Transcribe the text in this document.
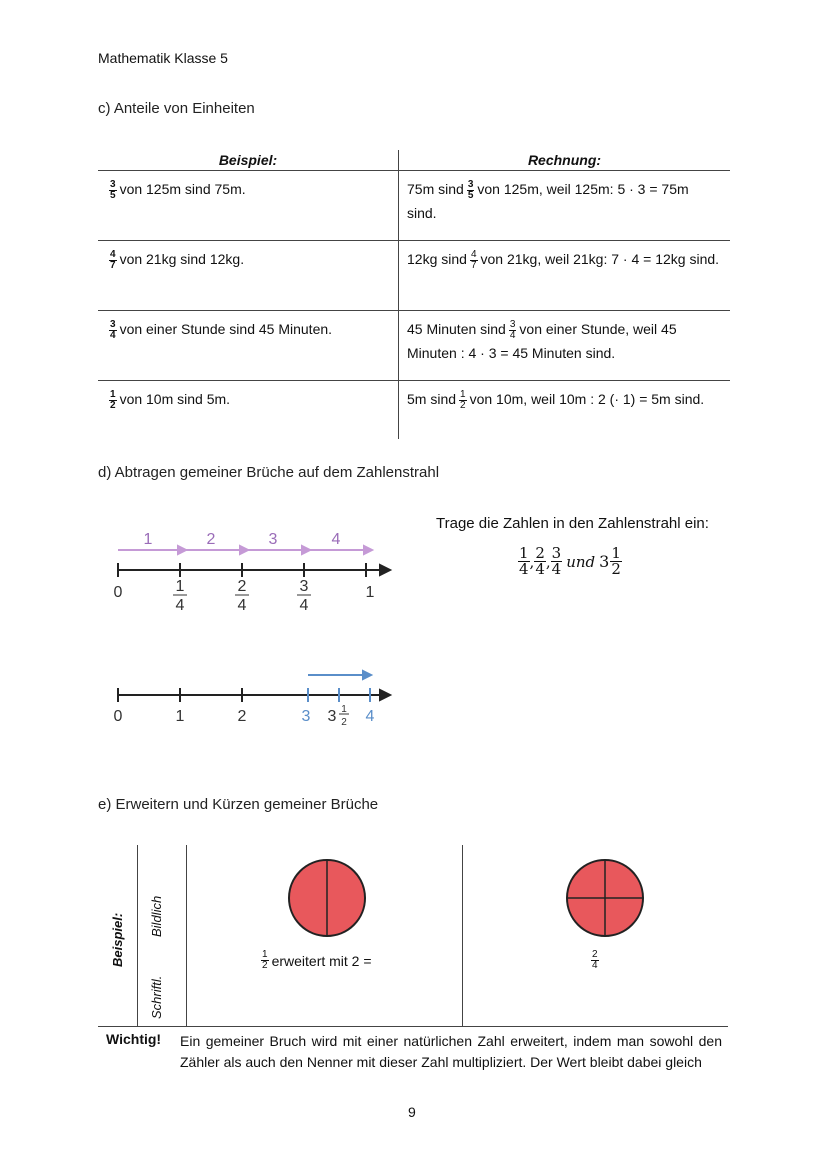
Mathematik Klasse 5
c) Anteile von Einheiten
Beispiel:	Rechnung:

$\frac{3}{5}$ von 125m sind 75m.	75m sind $\frac{3}{5}$ von 125m, weil 125m: 5 · 3 = 75m sind.

$\frac{4}{7}$ von 21kg sind 12kg.	12kg sind $\frac{4}{7}$ von 21kg, weil 21kg: 7 · 4 = 12kg sind.

$\frac{3}{4}$ von einer Stunde sind 45 Minuten.	45 Minuten sind $\frac{3}{4}$ von einer Stunde, weil 45 Minuten : 4 · 3 = 45 Minuten sind.

$\frac{1}{2}$ von 10m sind 5m.	5m sind $\frac{1}{2}$ von 10m, weil 10m : 2 (· 1) = 5m sind.
d) Abtragen gemeiner Brüche auf dem Zahlenstrahl
1	2	3	4
0	1
1
4
2
4
3
4
0	1	2	3 3 1
2 4
Trage die Zahlen in den Zahlenstrahl ein:
1
4 , 2
4 , 3
4 und 3 1
2
e) Erweitern und Kürzen gemeiner Brüche
Beispiel: Bildlich
Schriftl.
1
2 erweitert mit 2 =	$\frac{2}{4}$
Wichtig! Ein gemeiner Bruch wird mit einer natürlichen Zahl erweitert, indem man sowohl den Zähler als auch den Nenner mit dieser Zahl multipliziert. Der Wert bleibt dabei gleich
9
